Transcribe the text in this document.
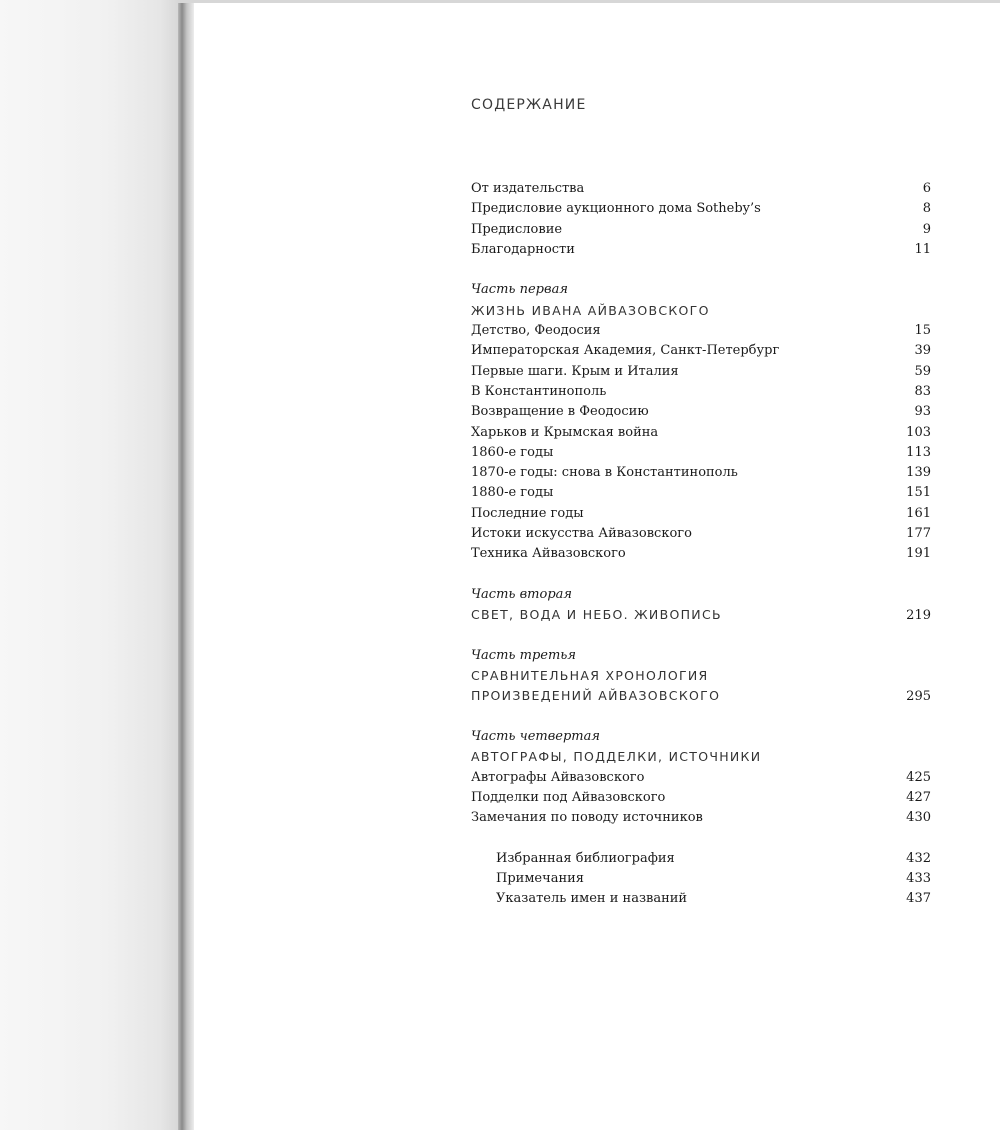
СОДЕРЖАНИЕ
От издательства	6
Предисловие аукционного дома Sotheby’s	8
Предисловие	9
Благодарности	11
Часть первая
ЖИЗНЬ ИВАНА АЙВАЗОВСКОГО
Детство, Феодосия	15
Императорская Академия, Санкт-Петербург	39
Первые шаги. Крым и Италия	59
В Константинополь	83
Возвращение в Феодосию	93
Харьков и Крымская война	103
1860-е годы	113
1870-е годы: снова в Константинополь	139
1880-е годы	151
Последние годы	161
Истоки искусства Айвазовского	177
Техника Айвазовского	191
Часть вторая
СВЕТ, ВОДА И НЕБО. ЖИВОПИСЬ	219
Часть третья
СРАВНИТЕЛЬНАЯ ХРОНОЛОГИЯ
ПРОИЗВЕДЕНИЙ АЙВАЗОВСКОГО	295
Часть четвертая
АВТОГРАФЫ, ПОДДЕЛКИ, ИСТОЧНИКИ
Автографы Айвазовского	425
Подделки под Айвазовского	427
Замечания по поводу источников	430
Избранная библиография	432
Примечания	433
Указатель имен и названий	437
